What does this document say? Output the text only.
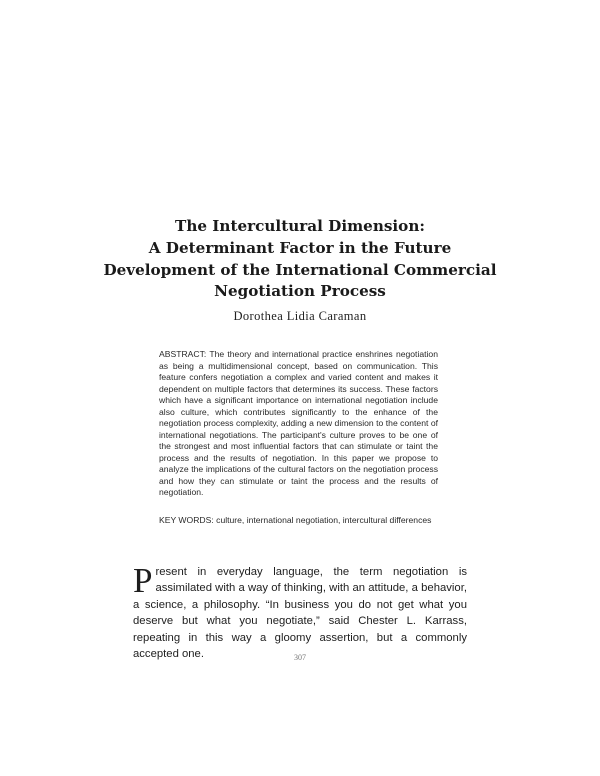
The Intercultural Dimension:
A Determinant Factor in the Future
Development of the International Commercial
Negotiation Process
Dorothea Lidia Caraman

ABSTRACT: The theory and international practice enshrines negotiation as being a multidimensional concept, based on communication. This feature confers negotiation a complex and varied content and makes it dependent on multiple factors that determines its success. These factors which have a significant importance on international negotiation include also culture, which contributes significantly to the enhance of the negotiation process complexity, adding a new dimension to the content of international negotiations. The participant's culture proves to be one of the strongest and most influential factors that can stimulate or taint the process and the results of negotiation. In this paper we propose to analyze the implications of the cultural factors on the negotiation process and how they can stimulate or taint the process and the results of negotiation.

KEY WORDS: culture, international negotiation, intercultural differences
Present in everyday language, the term negotiation is assimilated with a way of thinking, with an attitude, a behavior, a science, a philosophy. “In business you do not get what you deserve but what you negotiate,” said Chester L. Karrass, repeating in this way a gloomy assertion, but a commonly accepted one.	307
